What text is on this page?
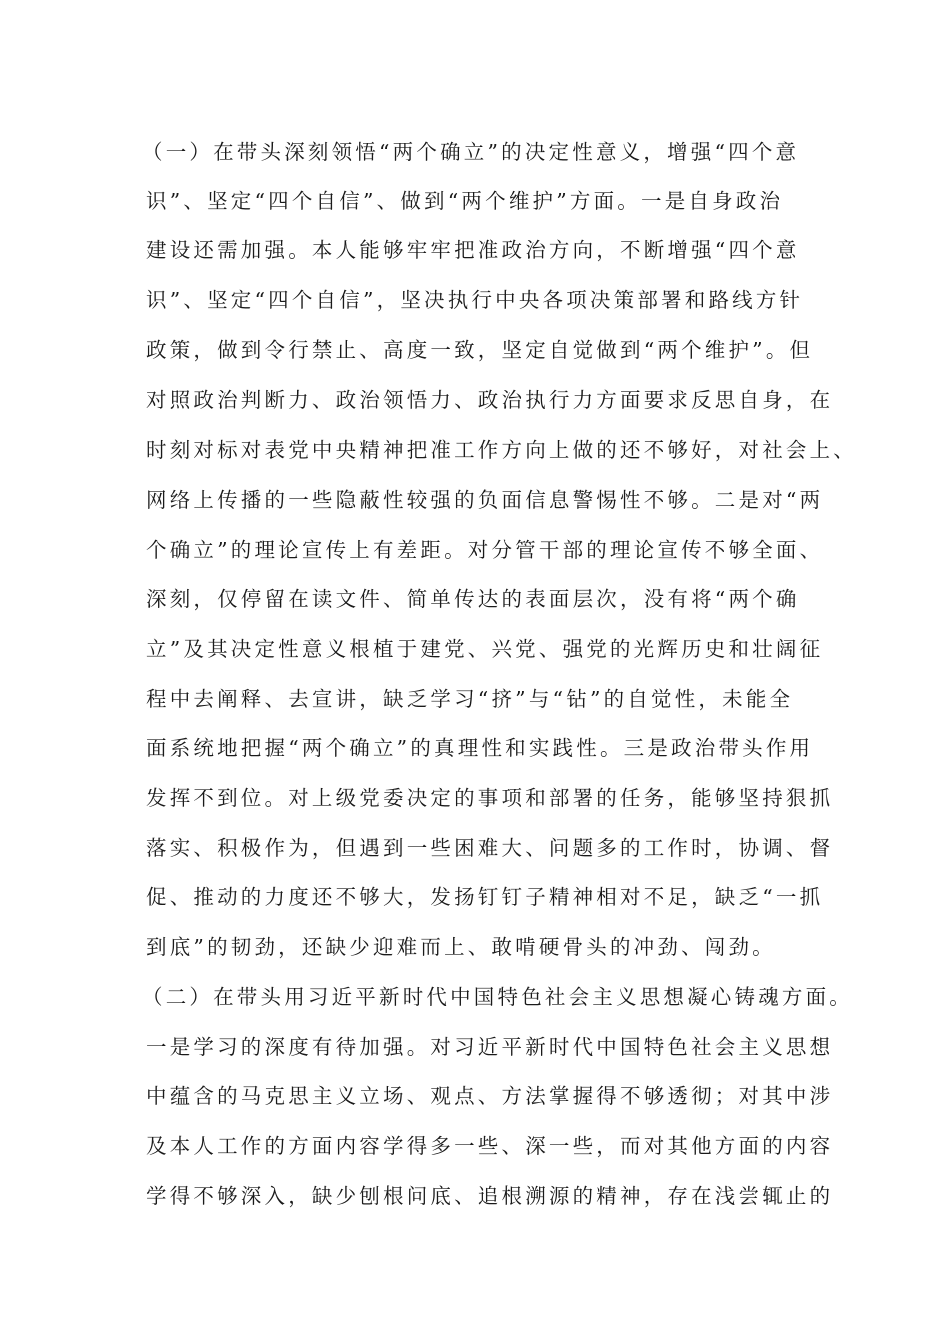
（一）在带头深刻领悟“两个确立”的决定性意义，增强“四个意
识”、坚定“四个自信”、做到“两个维护”方面。一是自身政治
建设还需加强。本人能够牢牢把准政治方向，不断增强“四个意
识”、坚定“四个自信”，坚决执行中央各项决策部署和路线方针
政策，做到令行禁止、高度一致，坚定自觉做到“两个维护”。但
对照政治判断力、政治领悟力、政治执行力方面要求反思自身，在
时刻对标对表党中央精神把准工作方向上做的还不够好，对社会上、
网络上传播的一些隐蔽性较强的负面信息警惕性不够。二是对“两
个确立”的理论宣传上有差距。对分管干部的理论宣传不够全面、
深刻，仅停留在读文件、简单传达的表面层次，没有将“两个确
立”及其决定性意义根植于建党、兴党、强党的光辉历史和壮阔征
程中去阐释、去宣讲，缺乏学习“挤”与“钻”的自觉性，未能全
面系统地把握“两个确立”的真理性和实践性。三是政治带头作用
发挥不到位。对上级党委决定的事项和部署的任务，能够坚持狠抓
落实、积极作为，但遇到一些困难大、问题多的工作时，协调、督
促、推动的力度还不够大，发扬钉钉子精神相对不足，缺乏“一抓
到底”的韧劲，还缺少迎难而上、敢啃硬骨头的冲劲、闯劲。
（二）在带头用习近平新时代中国特色社会主义思想凝心铸魂方面。
一是学习的深度有待加强。对习近平新时代中国特色社会主义思想
中蕴含的马克思主义立场、观点、方法掌握得不够透彻；对其中涉
及本人工作的方面内容学得多一些、深一些，而对其他方面的内容
学得不够深入，缺少刨根问底、追根溯源的精神，存在浅尝辄止的
